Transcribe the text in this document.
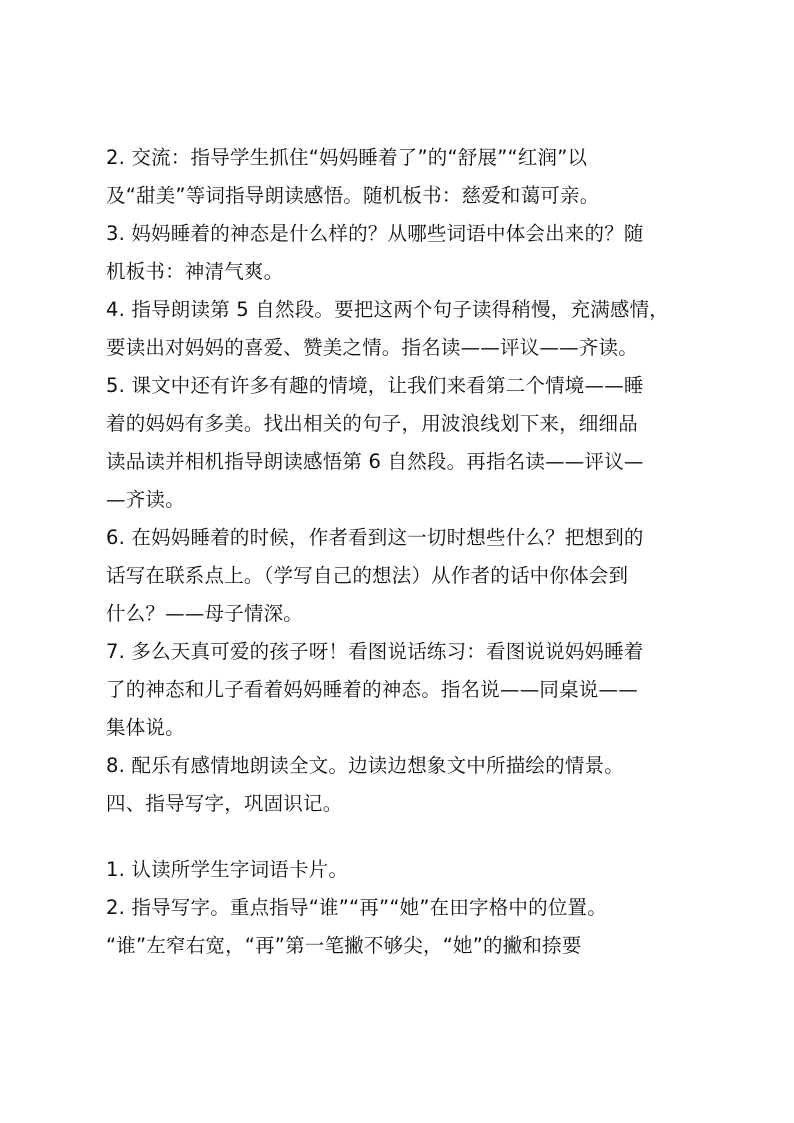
2. 交流：指导学生抓住“妈妈睡着了”的“舒展”“红润”以
及“甜美”等词指导朗读感悟。随机板书：慈爱和蔼可亲。
3. 妈妈睡着的神态是什么样的？从哪些词语中体会出来的？随
机板书：神清气爽。
4. 指导朗读第 5 自然段。要把这两个句子读得稍慢，充满感情，
要读出对妈妈的喜爱、赞美之情。指名读——评议——齐读。
5. 课文中还有许多有趣的情境，让我们来看第二个情境——睡
着的妈妈有多美。找出相关的句子，用波浪线划下来，细细品
读品读并相机指导朗读感悟第 6 自然段。再指名读——评议—
—齐读。
6. 在妈妈睡着的时候，作者看到这一切时想些什么？把想到的
话写在联系点上。（学写自己的想法）从作者的话中你体会到
什么？——母子情深。
7. 多么天真可爱的孩子呀！看图说话练习：看图说说妈妈睡着
了的神态和儿子看着妈妈睡着的神态。指名说——同桌说——
集体说。
8. 配乐有感情地朗读全文。边读边想象文中所描绘的情景。
四、指导写字，巩固识记。
1. 认读所学生字词语卡片。
2. 指导写字。重点指导“谁”“再”“她”在田字格中的位置。
“谁”左窄右宽，“再”第一笔撇不够尖，“她”的撇和捺要
